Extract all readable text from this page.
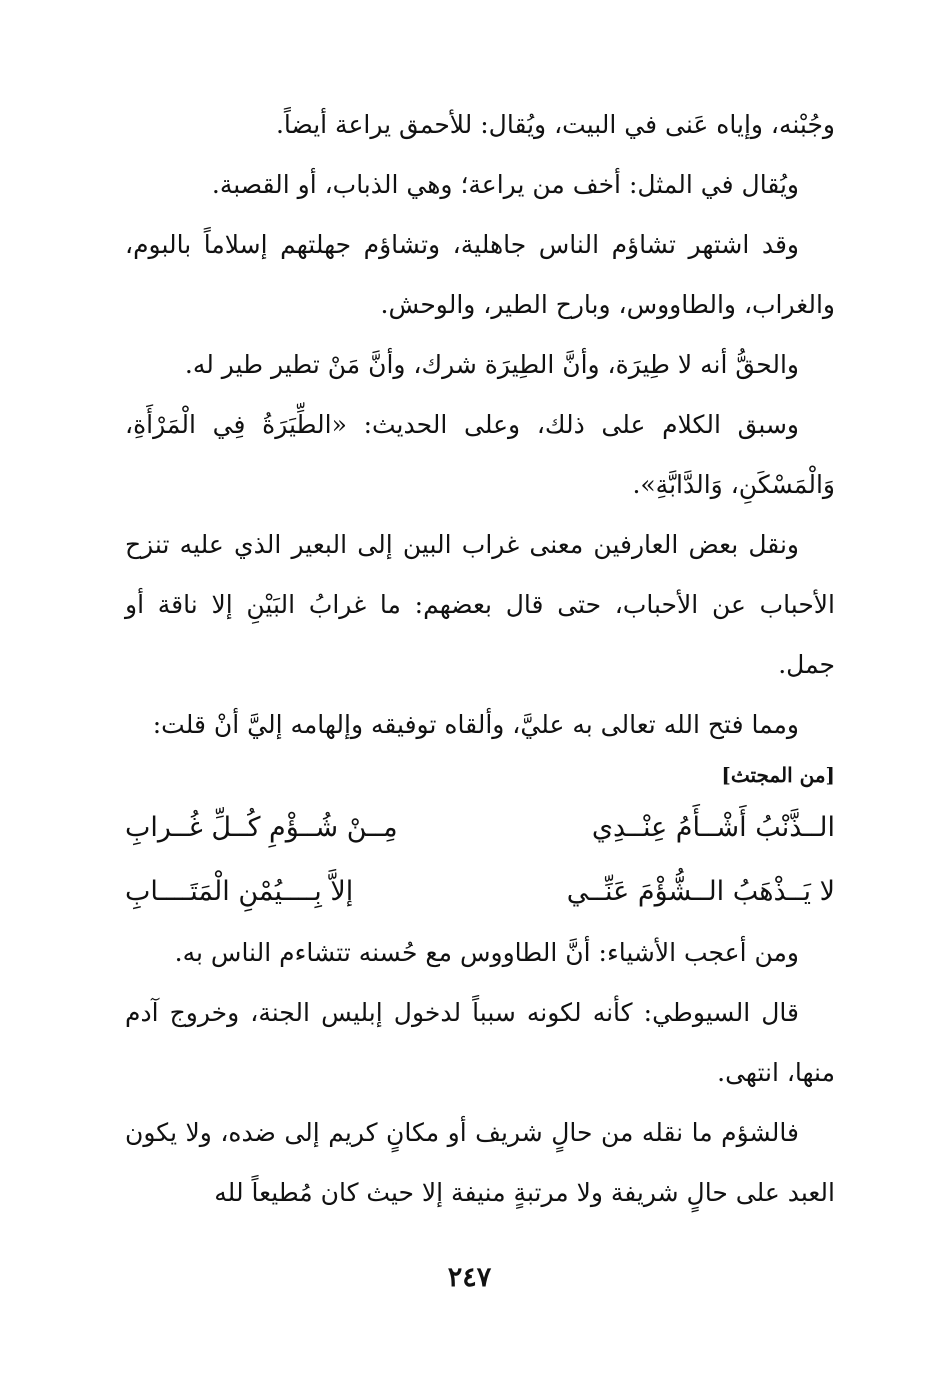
وجُبْنه، وإياه عَنى في البيت، ويُقال: للأحمق يراعة أيضاً.

ويُقال في المثل: أخف من يراعة؛ وهي الذباب، أو القصبة.

وقد اشتهر تشاؤم الناس جاهلية، وتشاؤم جهلتهم إسلاماً بالبوم، والغراب، والطاووس، وبارح الطير، والوحش.

والحقُّ أنه لا طِيرَة، وأنَّ الطِيرَة شرك، وأنَّ مَنْ تطير طير له.

وسبق الكلام على ذلك، وعلى الحديث: «الطِّيَرَةُ فِي الْمَرْأَةِ، وَالْمَسْكَنِ، وَالدَّابَّةِ».

ونقل بعض العارفين معنى غراب البين إلى البعير الذي عليه تنزح الأحباب عن الأحباب، حتى قال بعضهم: ما غرابُ البَيْنِ إلا ناقة أو جمل.

ومما فتح الله تعالى به عليَّ، وألقاه توفيقه وإلهامه إليَّ أنْ قلت:

[من المجتث]

الــذَّنْبُ أَشْــأَمُ عِنْــدِي
مِــنْ شُــؤْمِ كُــلِّ غُــرابِ
لا يَــذْهَبُ الــشُّؤْمَ عَنِّــي
إلاَّ بِــــيُمْنِ الْمَتَــــابِ

ومن أعجب الأشياء: أنَّ الطاووس مع حُسنه تتشاءم الناس به.

قال السيوطي: كأنه لكونه سبباً لدخول إبليس الجنة، وخروج آدم منها، انتهى.

فالشؤم ما نقله من حالٍ شريف أو مكانٍ كريم إلى ضده، ولا يكون العبد على حالٍ شريفة ولا مرتبةٍ منيفة إلا حيث كان مُطيعاً لله

٢٤٧
